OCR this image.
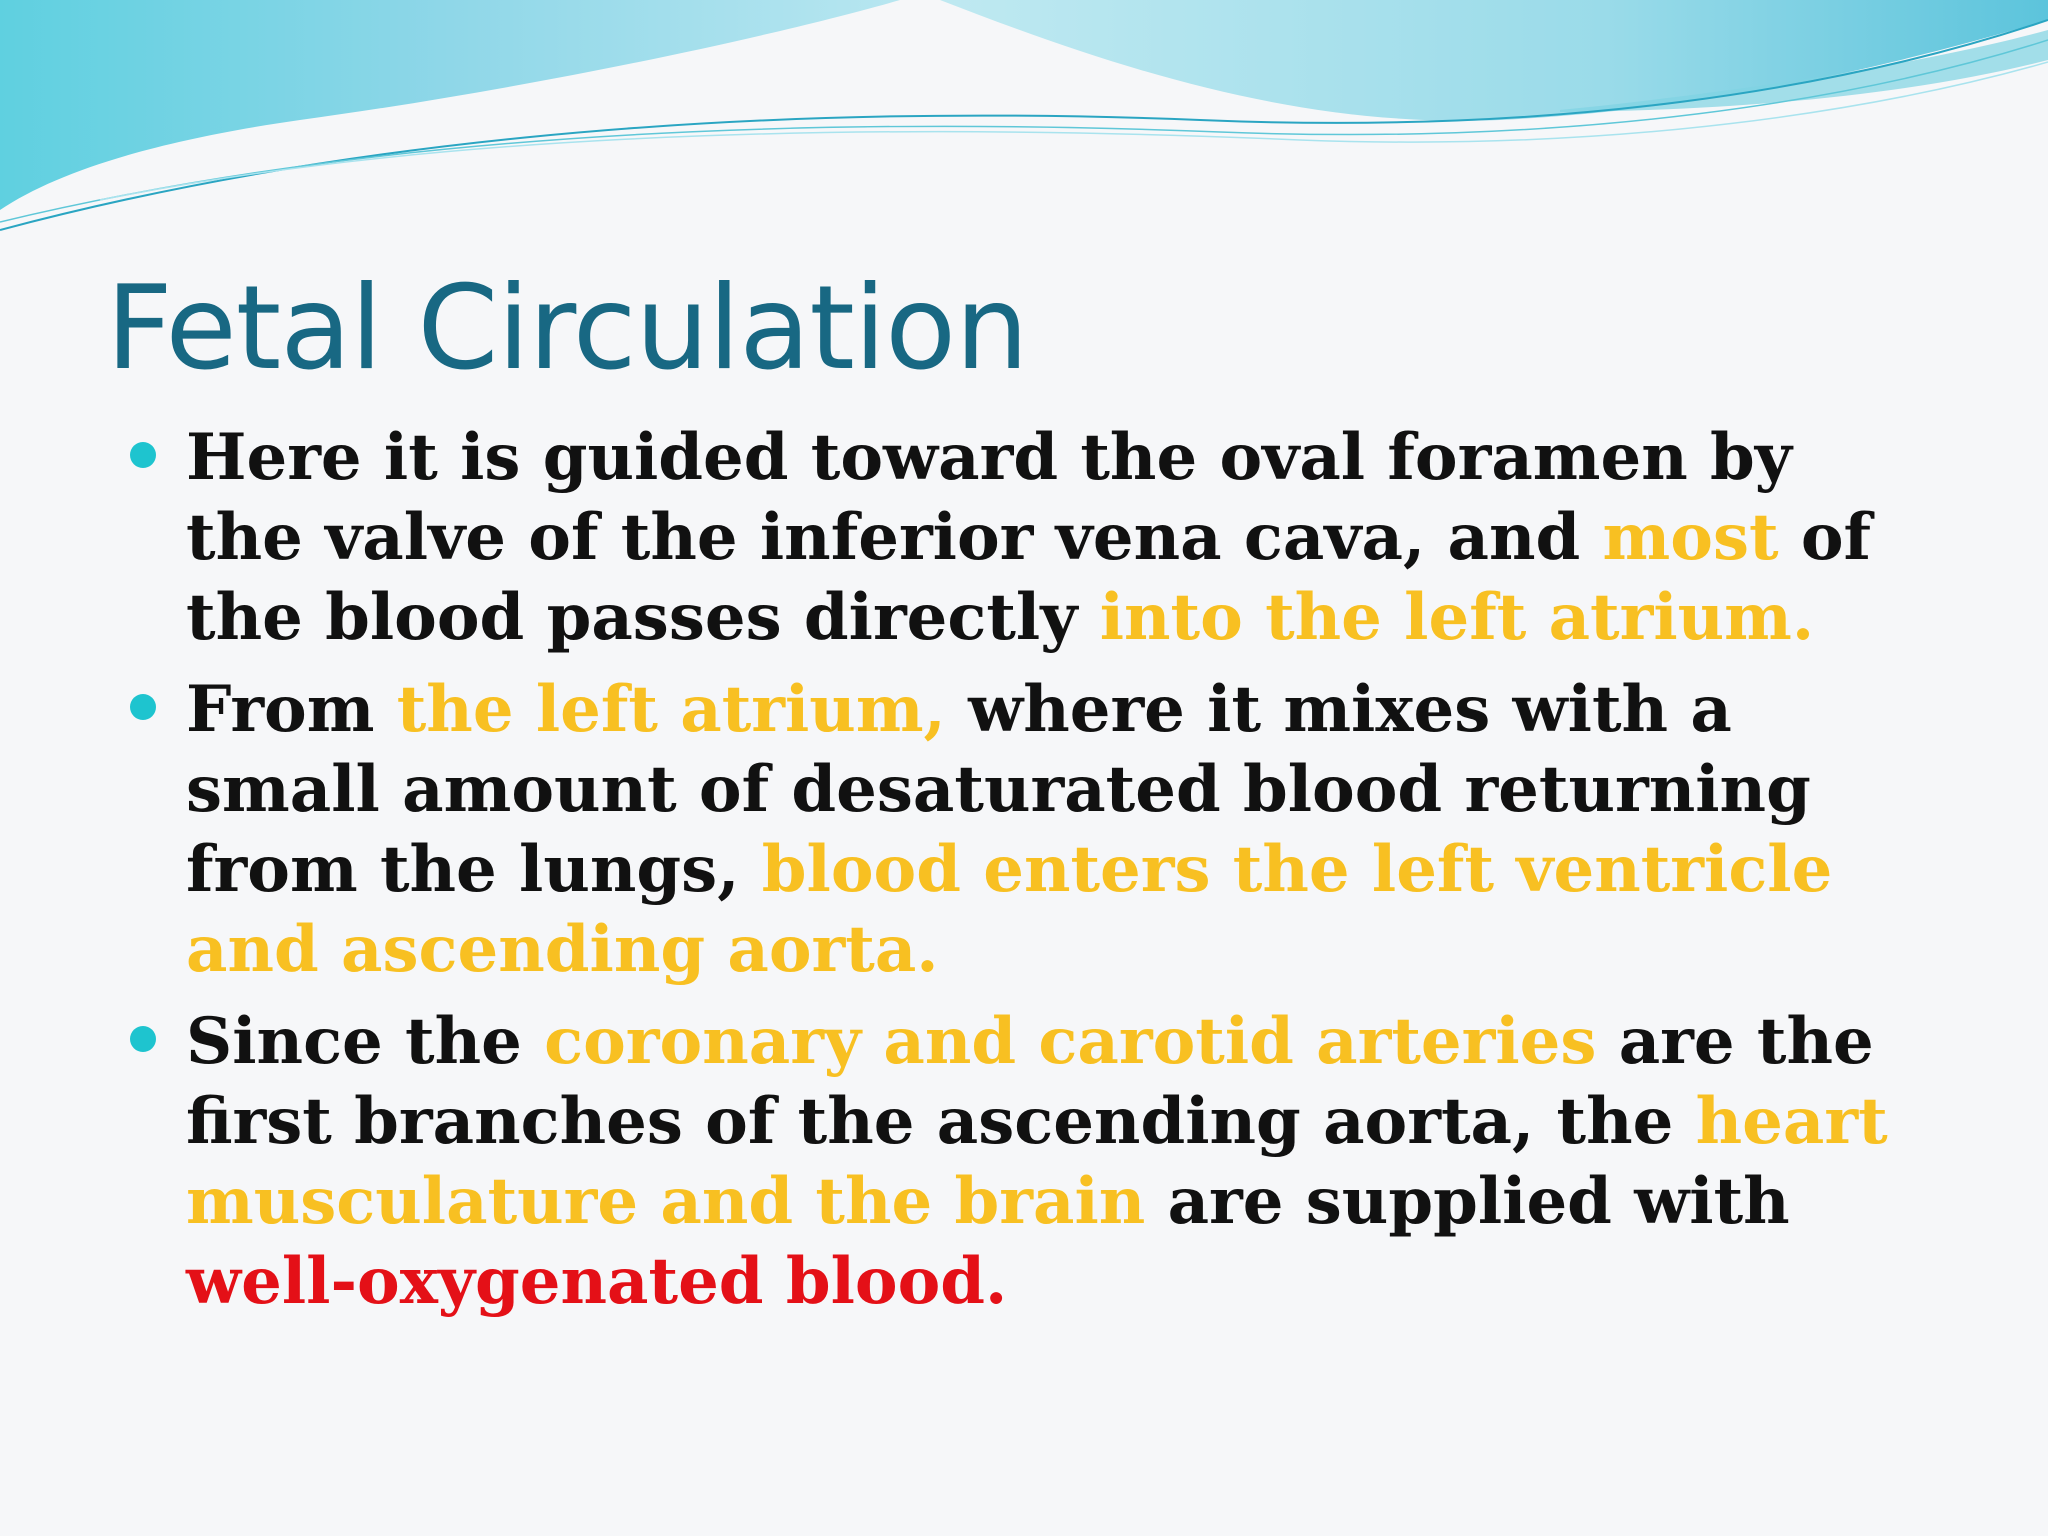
Fetal Circulation
Here it is guided toward the oval foramen by the valve of the inferior vena cava, and most of the blood passes directly into the left atrium.
From the left atrium, where it mixes with a small amount of desaturated blood returning from the lungs, blood enters the left ventricle and ascending aorta.
Since the coronary and carotid arteries are the first branches of the ascending aorta, the heart musculature and the brain are supplied with well-oxygenated blood.
